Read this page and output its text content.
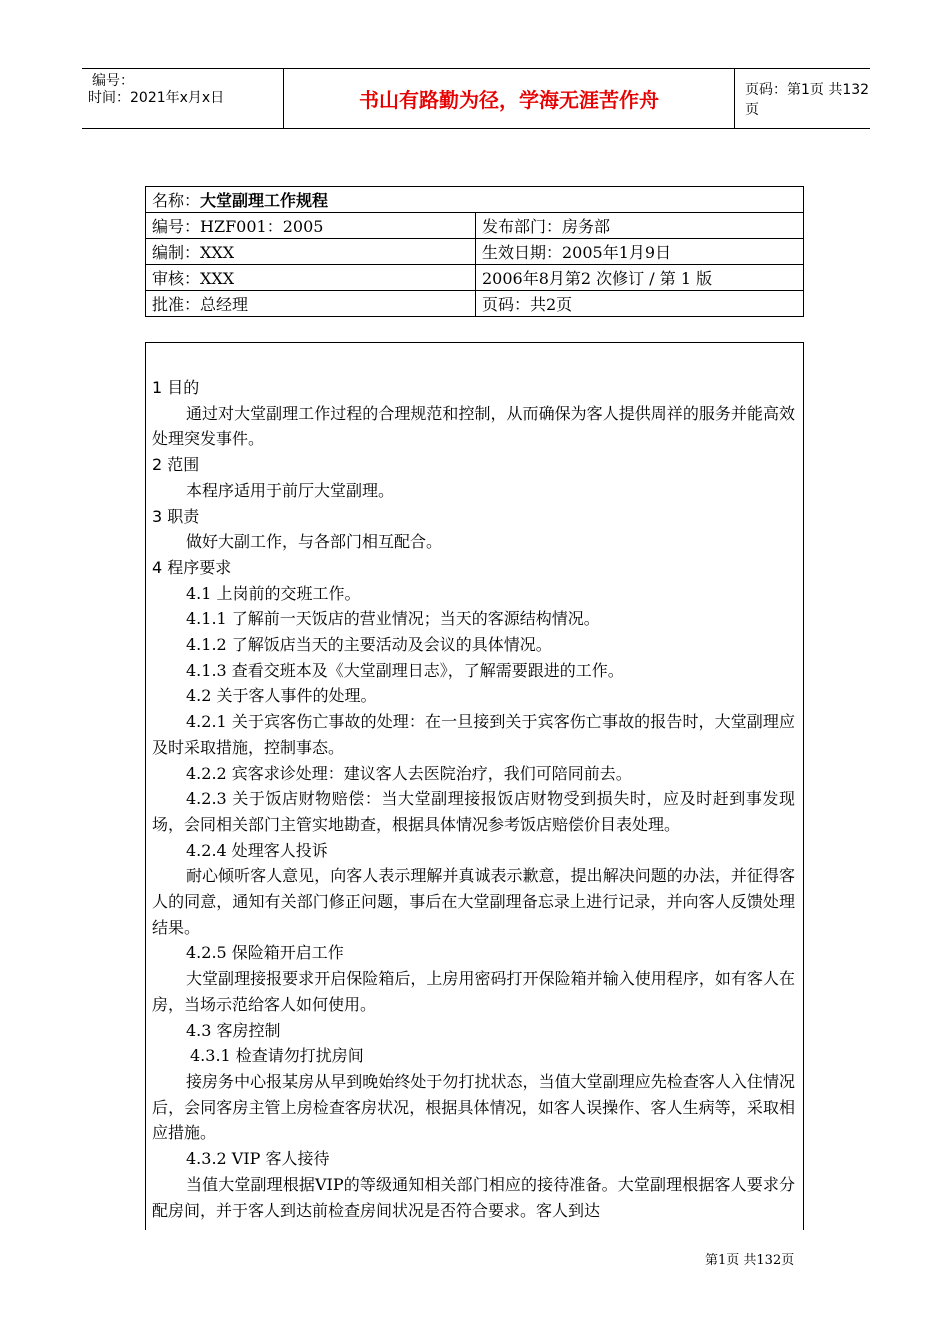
编号：
时间：2021年x月x日	书山有路勤为径，学海无涯苦作舟	页码：第1页 共132页
名称：大堂副理工作规程	
编号：HZF001：2005	发布部门：房务部
编制：XXX	生效日期：2005年1月9日
审核：XXX	2006年8月第2 次修订 / 第 1 版
批准：总经理	页码：共2页

1 目的

通过对大堂副理工作过程的合理规范和控制，从而确保为客人提供周祥的服务并能高效处理突发事件。

2 范围

本程序适用于前厅大堂副理。

3 职责

做好大副工作，与各部门相互配合。

4 程序要求

4.1 上岗前的交班工作。

4.1.1 了解前一天饭店的营业情况；当天的客源结构情况。

4.1.2 了解饭店当天的主要活动及会议的具体情况。

4.1.3 查看交班本及《大堂副理日志》，了解需要跟进的工作。

4.2 关于客人事件的处理。

4.2.1 关于宾客伤亡事故的处理：在一旦接到关于宾客伤亡事故的报告时，大堂副理应及时采取措施，控制事态。

4.2.2 宾客求诊处理：建议客人去医院治疗，我们可陪同前去。

4.2.3 关于饭店财物赔偿：当大堂副理接报饭店财物受到损失时，应及时赶到事发现场，会同相关部门主管实地勘查，根据具体情况参考饭店赔偿价目表处理。

4.2.4 处理客人投诉

耐心倾听客人意见，向客人表示理解并真诚表示歉意，提出解决问题的办法，并征得客人的同意，通知有关部门修正问题，事后在大堂副理备忘录上进行记录，并向客人反馈处理结果。

4.2.5 保险箱开启工作

大堂副理接报要求开启保险箱后，上房用密码打开保险箱并输入使用程序，如有客人在房，当场示范给客人如何使用。

4.3 客房控制

4.3.1 检查请勿打扰房间

接房务中心报某房从早到晚始终处于勿打扰状态，当值大堂副理应先检查客人入住情况后，会同客房主管上房检查客房状况，根据具体情况，如客人误操作、客人生病等，采取相应措施。

4.3.2 VIP 客人接待

当值大堂副理根据VIP的等级通知相关部门相应的接待准备。大堂副理根据客人要求分配房间，并于客人到达前检查房间状况是否符合要求。客人到达

第1页 共132页
